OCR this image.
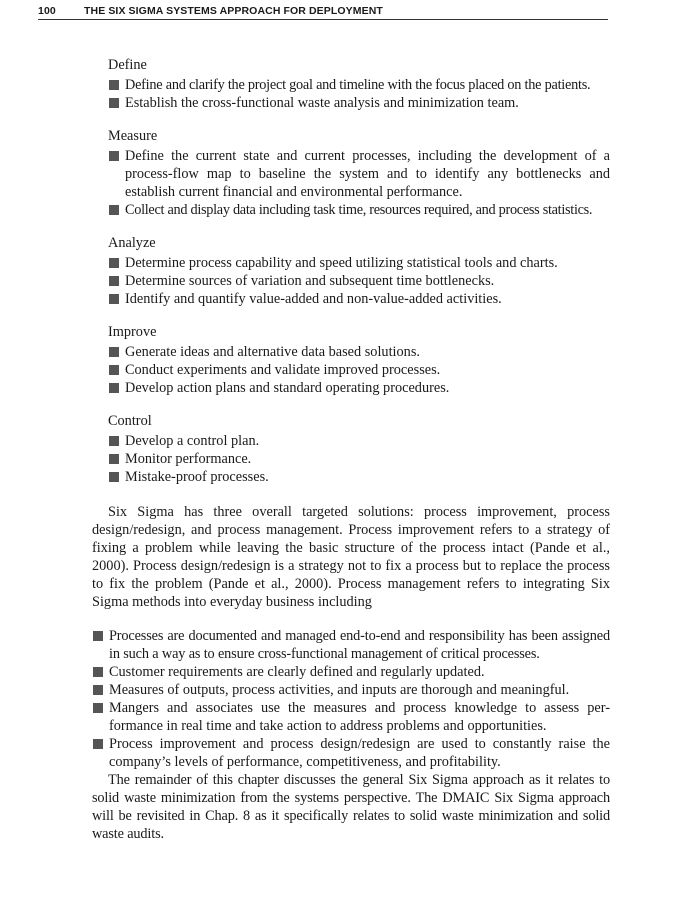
100	THE SIX SIGMA SYSTEMS APPROACH FOR DEPLOYMENT
Define
Define and clarify the project goal and timeline with the focus placed on the patients.
Establish the cross-functional waste analysis and minimization team.
Measure
Define the current state and current processes, including the development of a process-flow map to baseline the system and to identify any bottlenecks and establish current financial and environmental performance.
Collect and display data including task time, resources required, and process statistics.
Analyze
Determine process capability and speed utilizing statistical tools and charts.
Determine sources of variation and subsequent time bottlenecks.
Identify and quantify value-added and non-value-added activities.
Improve
Generate ideas and alternative data based solutions.
Conduct experiments and validate improved processes.
Develop action plans and standard operating procedures.
Control
Develop a control plan.
Monitor performance.
Mistake-proof processes.

Six Sigma has three overall targeted solutions: process improvement, process design/redesign, and process management. Process improvement refers to a strategy of fixing a problem while leaving the basic structure of the process intact (Pande et al., 2000). Process design/redesign is a strategy not to fix a process but to replace the process to fix the problem (Pande et al., 2000). Process management refers to integrating Six Sigma methods into everyday business including

Processes are documented and managed end-to-end and responsibility has been assigned in such a way as to ensure cross-functional management of critical processes.
Customer requirements are clearly defined and regularly updated.
Measures of outputs, process activities, and inputs are thorough and meaningful.
Mangers and associates use the measures and process knowledge to assess per-formance in real time and take action to address problems and opportunities.
Process improvement and process design/redesign are used to constantly raise the company’s levels of performance, competitiveness, and profitability.

The remainder of this chapter discusses the general Six Sigma approach as it relates to solid waste minimization from the systems perspective. The DMAIC Six Sigma approach will be revisited in Chap. 8 as it specifically relates to solid waste minimization and solid waste audits.
